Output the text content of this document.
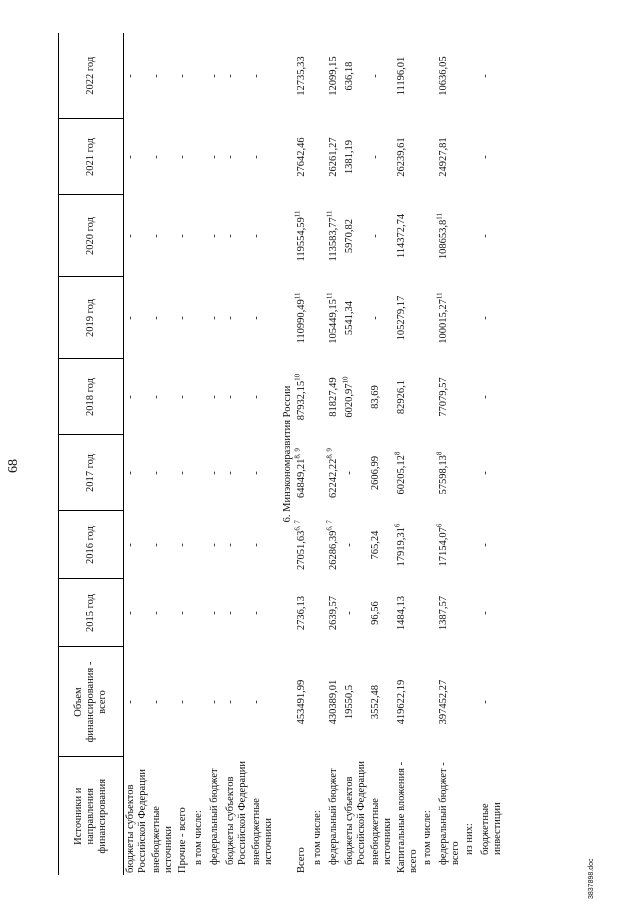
68
Источники и направления финансирования	Объем финансирования - всего	2015 год	2016 год	2017 год	2018 год	2019 год	2020 год	2021 год	2022 год
бюджеты субъектов Российской Федерации	-	-	-	-	-	-	-	-	-
внебюджетные источники	-	-	-	-	-	-	-	-	-
Прочие - всего	-	-	-	-	-	-	-	-	-
в том числе:									
федеральный бюджет	-	-	-	-	-	-	-	-	-
бюджеты субъектов Российской Федерации	-	-	-	-	-	-	-	-	-
внебюджетные источники	-	-	-	-	-	-	-	-	-
6. Минэкономразвития России									
Всего	453491,99	2736,13	27051,63$^{6, 7}$	64849,21$^{8, 9}$	87932,15$^{10}$	110990,49$^{11}$	119554,59$^{11}$	27642,46	12735,33
в том числе:									
федеральный бюджет	430389,01	2639,57	26286,39$^{6, 7}$	62242,22$^{8, 9}$	81827,49	105449,15$^{11}$	113583,77$^{11}$	26261,27	12099,15
бюджеты субъектов Российской Федерации	19550,5	-	-	-	6020,97$^{10}$	5541,34	5970,82	1381,19	636,18
внебюджетные источники	3552,48	96,56	765,24	2606,99	83,69	-	-	-	-
Капитальные вложения - всего	419622,19	1484,13	17919,31$^6$	60205,12$^8$	82926,1	105279,17	114372,74	26239,61	11196,01
в том числе:									
федеральный бюджет - всего	397452,27	1387,57	17154,07$^6$	57598,13$^8$	77079,57	100015,27$^{11}$	108653,8$^{11}$	24927,81	10636,05
из них:									
бюджетные инвестиции	-	-	-	-	-	-	-	-	-
3837898.doc
